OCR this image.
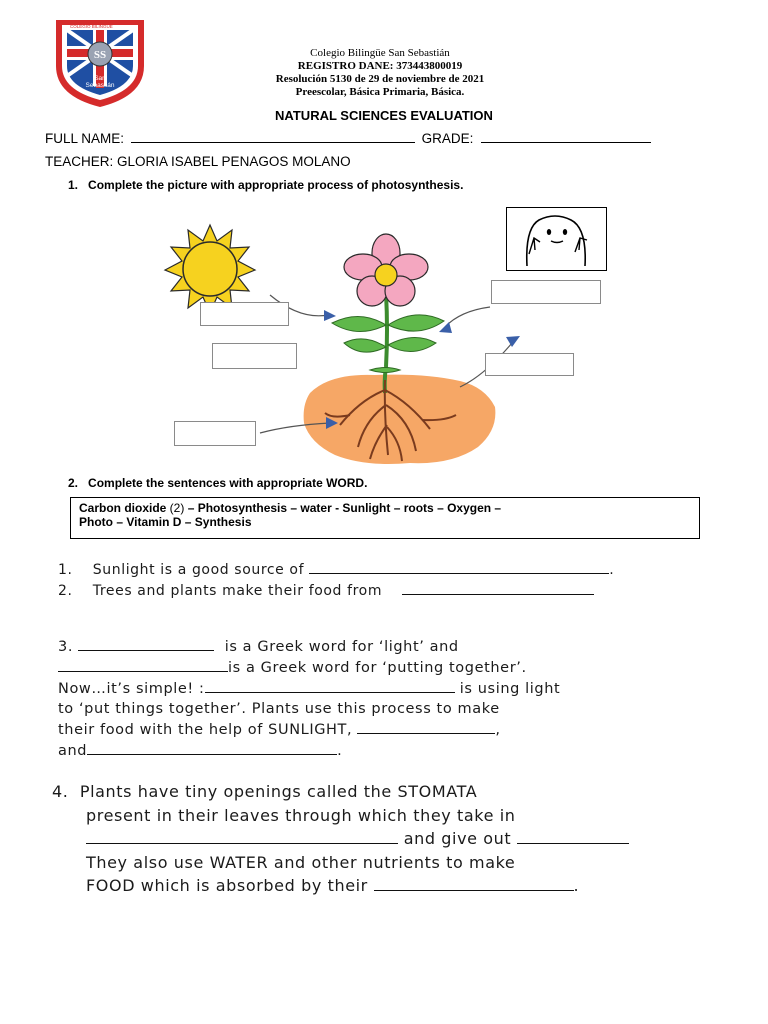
COLEGIO BILINGÜE
SS
San
Sebastián
Colegio Bilingüe San Sebastián
REGISTRO DANE: 373443800019
Resolución 5130 de 29 de noviembre de 2021
Preescolar, Básica Primaria, Básica.
NATURAL SCIENCES EVALUATION
FULL NAME:	GRADE:
TEACHER: GLORIA ISABEL PENAGOS MOLANO
1. Complete the picture with appropriate process of photosynthesis.
2. Complete the sentences with appropriate WORD.
Carbon dioxide (2) – Photosynthesis – water - Sunlight – roots – Oxygen –
Photo – Vitamin D – Synthesis
1. Sunlight is a good source of	.
2. Trees and plants make their food from
3.	is a Greek word for ‘light’ and
is a Greek word for ‘putting together’.
Now…it’s simple! :	is using light
to ‘put things together’. Plants use this process to make
their food with the help of SUNLIGHT,	,
and	.
4. Plants have tiny openings called the STOMATA
present in their leaves through which they take in
and give out
They also use WATER and other nutrients to make
FOOD which is absorbed by their	.
